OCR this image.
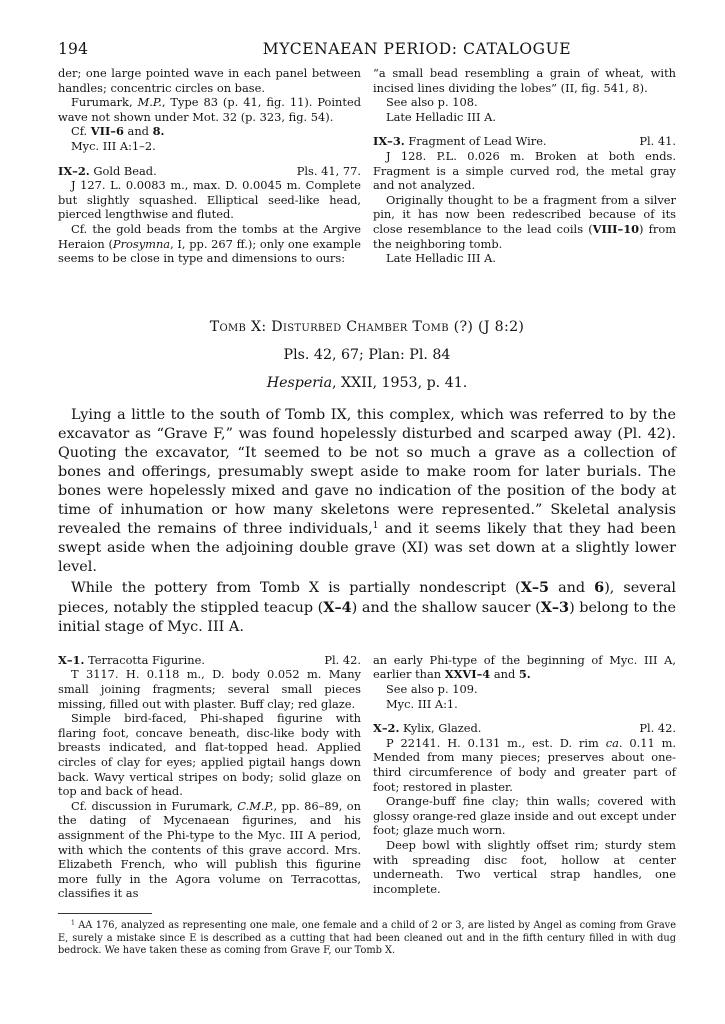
194	MYCENAEAN PERIOD: CATALOGUE

der; one large pointed wave in each panel between handles; concentric circles on base.

Furumark, M.P., Type 83 (p. 41, fig. 11). Pointed wave not shown under Mot. 32 (p. 323, fig. 54).

Cf. VII–6 and 8.

Myc. III A:1–2.

IX–2. Gold Bead.	Pls. 41, 77.

J 127. L. 0.0083 m., max. D. 0.0045 m. Complete but slightly squashed. Elliptical seed-like head, pierced lengthwise and fluted.

Cf. the gold beads from the tombs at the Argive Heraion (Prosymna, I, pp. 267 ff.); only one example seems to be close in type and dimensions to ours:

“a small bead resembling a grain of wheat, with incised lines dividing the lobes” (II, fig. 541, 8).

See also p. 108.

Late Helladic III A.

IX–3. Fragment of Lead Wire.	Pl. 41.

J 128. P.L. 0.026 m. Broken at both ends. Fragment is a simple curved rod, the metal gray and not analyzed.

Originally thought to be a fragment from a silver pin, it has now been redescribed because of its close resemblance to the lead coils (VIII–10) from the neighboring tomb.

Late Helladic III A.

Tomb X: Disturbed Chamber Tomb (?) (J 8:2)
Pls. 42, 67; Plan: Pl. 84
Hesperia, XXII, 1953, p. 41.

Lying a little to the south of Tomb IX, this complex, which was referred to by the excavator as “Grave F,” was found hopelessly disturbed and scarped away (Pl. 42). Quoting the excavator, “It seemed to be not so much a grave as a collection of bones and offerings, presumably swept aside to make room for later burials. The bones were hopelessly mixed and gave no indication of the position of the body at time of inhumation or how many skeletons were represented.” Skeletal analysis revealed the remains of three individuals,$^1$ and it seems likely that they had been swept aside when the adjoining double grave (XI) was set down at a slightly lower level.

While the pottery from Tomb X is partially nondescript (X–5 and 6), several pieces, notably the stippled teacup (X–4) and the shallow saucer (X–3) belong to the initial stage of Myc. III A.

X–1. Terracotta Figurine.	Pl. 42.

T 3117. H. 0.118 m., D. body 0.052 m. Many small joining fragments; several small pieces missing, filled out with plaster. Buff clay; red glaze.

Simple bird-faced, Phi-shaped figurine with flaring foot, concave beneath, disc-like body with breasts indicated, and flat-topped head. Applied circles of clay for eyes; applied pigtail hangs down back. Wavy vertical stripes on body; solid glaze on top and back of head.

Cf. discussion in Furumark, C.M.P., pp. 86–89, on the dating of Mycenaean figurines, and his assignment of the Phi-type to the Myc. III A period, with which the contents of this grave accord. Mrs. Elizabeth French, who will publish this figurine more fully in the Agora volume on Terracottas, classifies it as

an early Phi-type of the beginning of Myc. III A, earlier than XXVI–4 and 5.

See also p. 109.

Myc. III A:1.

X–2. Kylix, Glazed.	Pl. 42.

P 22141. H. 0.131 m., est. D. rim ca. 0.11 m. Mended from many pieces; preserves about one-third circumference of body and greater part of foot; restored in plaster.

Orange-buff fine clay; thin walls; covered with glossy orange-red glaze inside and out except under foot; glaze much worn.

Deep bowl with slightly offset rim; sturdy stem with spreading disc foot, hollow at center underneath. Two vertical strap handles, one incomplete.

$^1$ AA 176, analyzed as representing one male, one female and a child of 2 or 3, are listed by Angel as coming from Grave E, surely a mistake since E is described as a cutting that had been cleaned out and in the fifth century filled in with dug bedrock. We have taken these as coming from Grave F, our Tomb X.
